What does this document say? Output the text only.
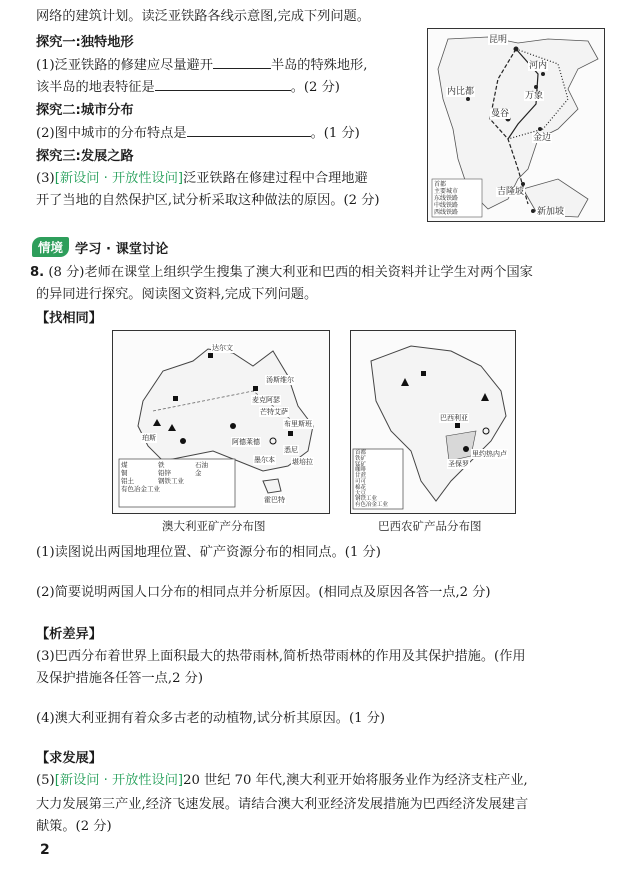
网络的建筑计划。读泛亚铁路各线示意图,完成下列问题。
探究一:独特地形
(1)泛亚铁路的修建应尽量避开	半岛的特殊地形,
该半岛的地表特征是	。(2 分)
探究二:城市分布
(2)图中城市的分布特点是	。(1 分)
探究三:发展之路
(3)[新设问 · 开放性设问]泛亚铁路在修建过程中合理地避
开了当地的自然保护区,试分析采取这种做法的原因。(2 分)
昆明
内比都
河内
万象
曼谷
金边
吉隆坡
新加坡
首都
主要城市
东线铁路
中线铁路
西线铁路
情境 学习 · 课堂讨论
8. (8 分)老师在课堂上组织学生搜集了澳大利亚和巴西的相关资料并让学生对两个国家
的异同进行探究。阅读图文资料,完成下列问题。
【找相同】
达尔文
汤斯维尔
麦克阿瑟
芒特艾萨
布里斯班
悉尼
墨尔本
珀斯	阿德莱德
堪培拉
霍巴特
煤	铁	石油
铜	铅锌	金
铝土	钢铁工业
有色冶金工业
澳大利亚矿产分布图
巴西利亚
圣保罗
里约热内卢
首都
铁矿
锰矿
咖啡
甘蔗
可可
棉花
大豆
钢铁工业
有色冶金工业
巴西农矿产品分布图
(1)读图说出两国地理位置、矿产资源分布的相同点。(1 分)
(2)简要说明两国人口分布的相同点并分析原因。(相同点及原因各答一点,2 分)
【析差异】
(3)巴西分布着世界上面积最大的热带雨林,简析热带雨林的作用及其保护措施。(作用
及保护措施各任答一点,2 分)
(4)澳大利亚拥有着众多古老的动植物,试分析其原因。(1 分)
【求发展】
(5)[新设问 · 开放性设问]20 世纪 70 年代,澳大利亚开始将服务业作为经济支柱产业,
大力发展第三产业,经济飞速发展。请结合澳大利亚经济发展措施为巴西经济发展建言
献策。(2 分)
2
